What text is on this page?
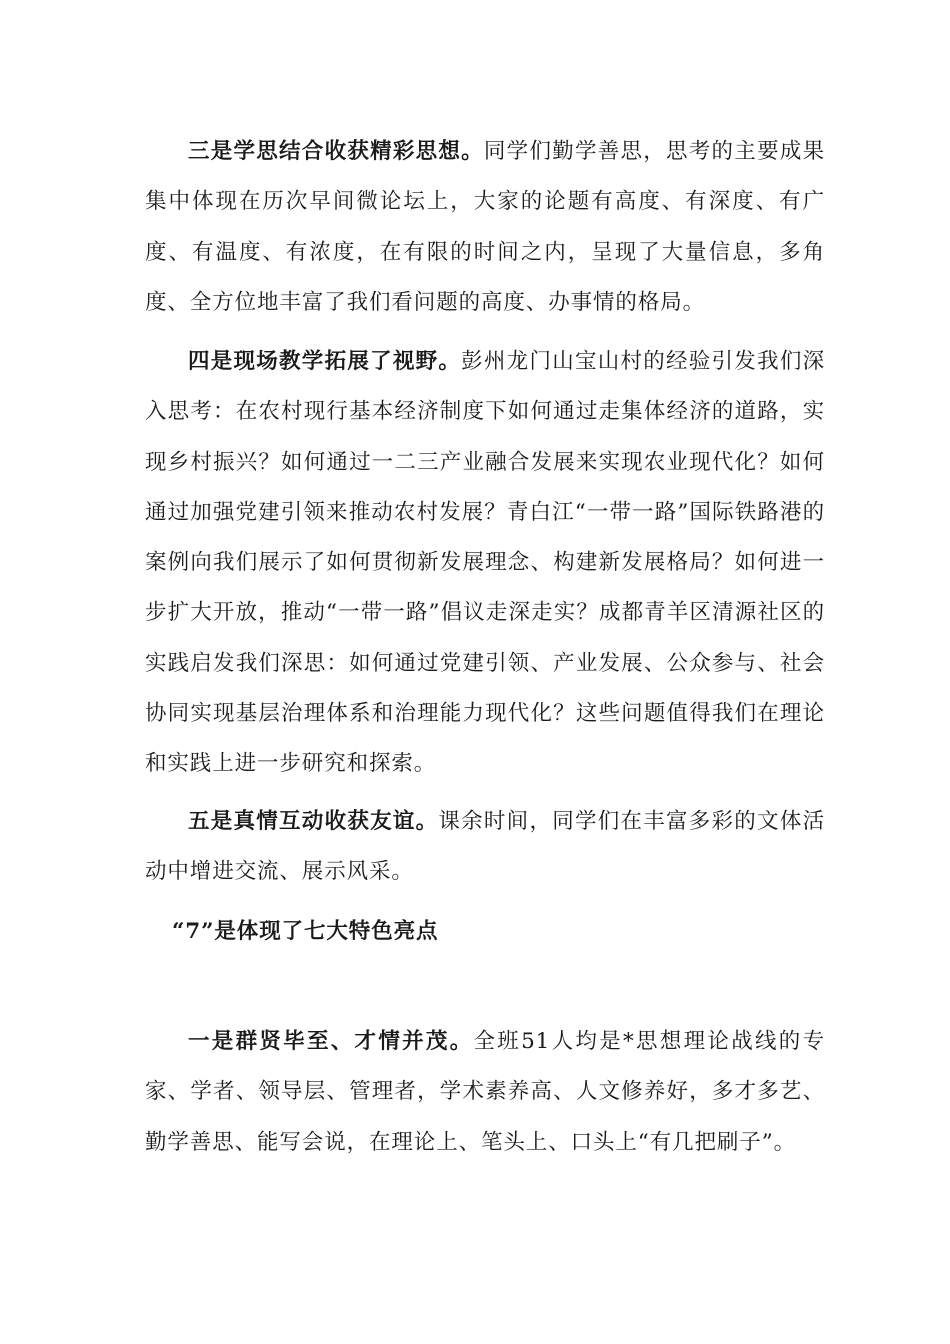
三是学思结合收获精彩思想。同学们勤学善思，思考的主要成果集中体现在历次早间微论坛上，大家的论题有高度、有深度、有广度、有温度、有浓度，在有限的时间之内，呈现了大量信息，多角度、全方位地丰富了我们看问题的高度、办事情的格局。

四是现场教学拓展了视野。彭州龙门山宝山村的经验引发我们深入思考：在农村现行基本经济制度下如何通过走集体经济的道路，实现乡村振兴？如何通过一二三产业融合发展来实现农业现代化？如何通过加强党建引领来推动农村发展？青白江“一带一路”国际铁路港的案例向我们展示了如何贯彻新发展理念、构建新发展格局？如何进一步扩大开放，推动“一带一路”倡议走深走实？成都青羊区清源社区的实践启发我们深思：如何通过党建引领、产业发展、公众参与、社会协同实现基层治理体系和治理能力现代化？这些问题值得我们在理论和实践上进一步研究和探索。

五是真情互动收获友谊。课余时间，同学们在丰富多彩的文体活动中增进交流、展示风采。

“7”是体现了七大特色亮点

一是群贤毕至、才情并茂。全班51人均是*思想理论战线的专家、学者、领导层、管理者，学术素养高、人文修养好，多才多艺、勤学善思、能写会说，在理论上、笔头上、口头上“有几把刷子”。
